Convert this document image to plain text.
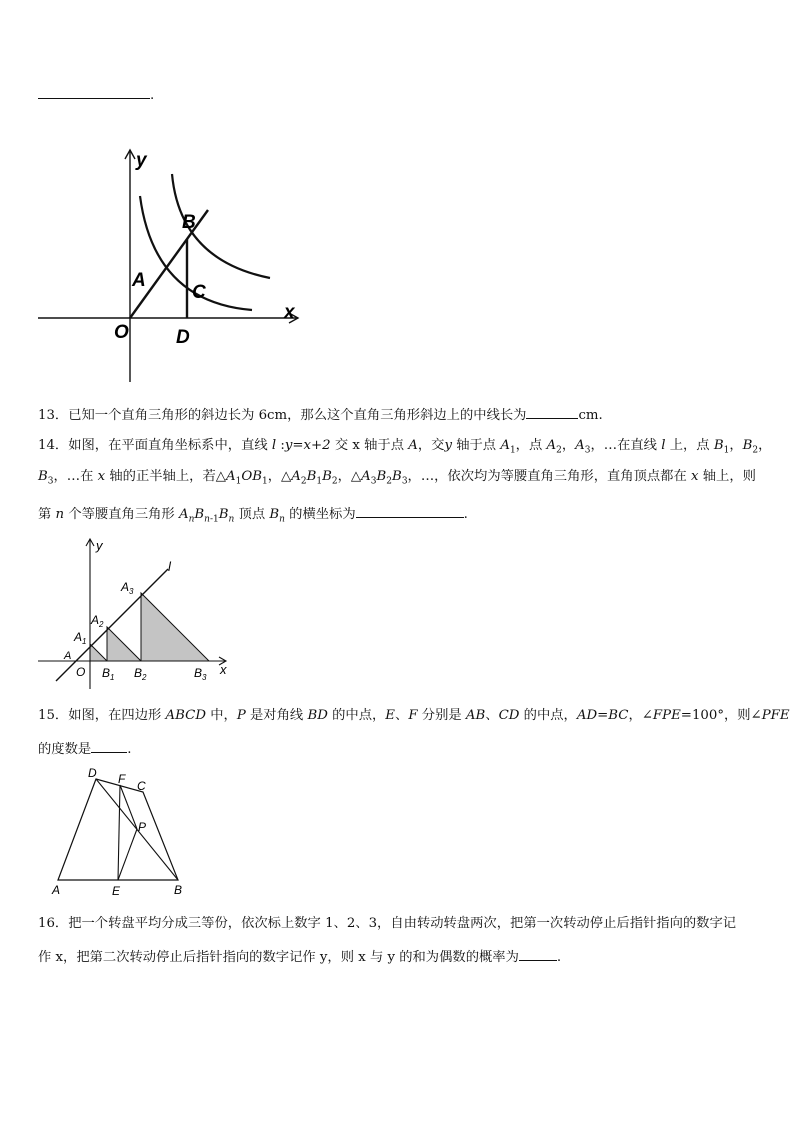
.
y
x
O D
A
B
C
13．已知一个直角三角形的斜边长为 6cm，那么这个直角三角形斜边上的中线长为	cm.
14．如图，在平面直角坐标系中，直线 l :y=x+2 交 x 轴于点 A，交y 轴于点 $A_1$，点 $A_2$，$A_3$，…在直线 l 上，点 $B_1$，$B_2$，
$B_3$，…在 x 轴的正半轴上，若$\triangle A_1OB_1$，$\triangle A_2B_1B_2$，$\triangle A_3B_2B_3$，…，依次均为等腰直角三角形，直角顶点都在 x 轴上，则
第 n 个等腰直角三角形 $A_nB_{n-1}B_n$ 顶点 $B_n$ 的横坐标为	.
y
l
x
O
A
$A_1$
$A_2$
$A_3$
$B_1$ $B_2$	$B_3$
15．如图，在四边形 ABCD 中，P 是对角线 BD 的中点，E、F 分别是 AB、CD 的中点，AD=BC，∠FPE=100°，则∠PFE
的度数是	.
D F C
P
A	E	B
16．把一个转盘平均分成三等份，依次标上数字 1、2、3，自由转动转盘两次，把第一次转动停止后指针指向的数字记
作 x，把第二次转动停止后指针指向的数字记作 y，则 x 与 y 的和为偶数的概率为	.
